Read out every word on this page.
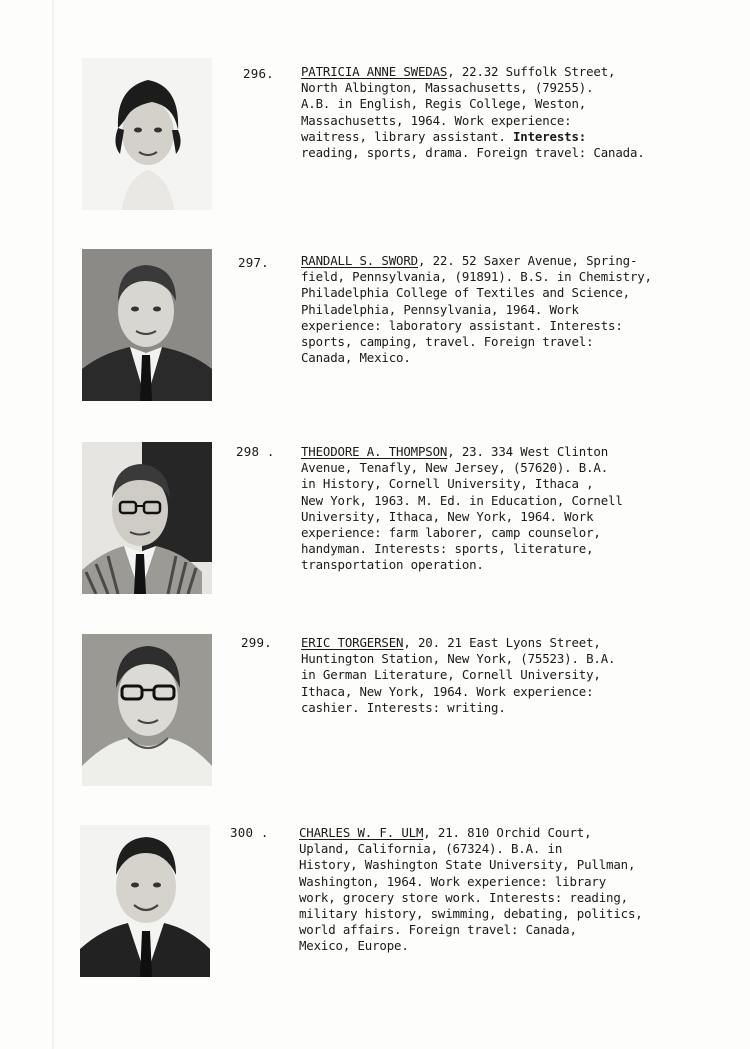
296. PATRICIA ANNE SWEDAS, 22.32 Suffolk Street,
North Albington, Massachusetts, (79255).
A.B. in English, Regis College, Weston,
Massachusetts, 1964. Work experience:
waitress, library assistant. Interests:
reading, sports, drama. Foreign travel: Canada.
297.	RANDALL S. SWORD, 22. 52 Saxer Avenue, Spring-
field, Pennsylvania, (91891). B.S. in Chemistry,
Philadelphia College of Textiles and Science,
Philadelphia, Pennsylvania, 1964. Work
experience: laboratory assistant. Interests:
sports, camping, travel. Foreign travel:
Canada, Mexico.
298 . THEODORE A. THOMPSON, 23. 334 West Clinton
Avenue, Tenafly, New Jersey, (57620). B.A.
in History, Cornell University, Ithaca ,
New York, 1963. M. Ed. in Education, Cornell
University, Ithaca, New York, 1964. Work
experience: farm laborer, camp counselor,
handyman. Interests: sports, literature,
transportation operation.
299. ERIC TORGERSEN, 20. 21 East Lyons Street,
Huntington Station, New York, (75523). B.A.
in German Literature, Cornell University,
Ithaca, New York, 1964. Work experience:
cashier. Interests: writing.
300 . CHARLES W. F. ULM, 21. 810 Orchid Court,
Upland, California, (67324). B.A. in
History, Washington State University, Pullman,
Washington, 1964. Work experience: library
work, grocery store work. Interests: reading,
military history, swimming, debating, politics,
world affairs. Foreign travel: Canada,
Mexico, Europe.
